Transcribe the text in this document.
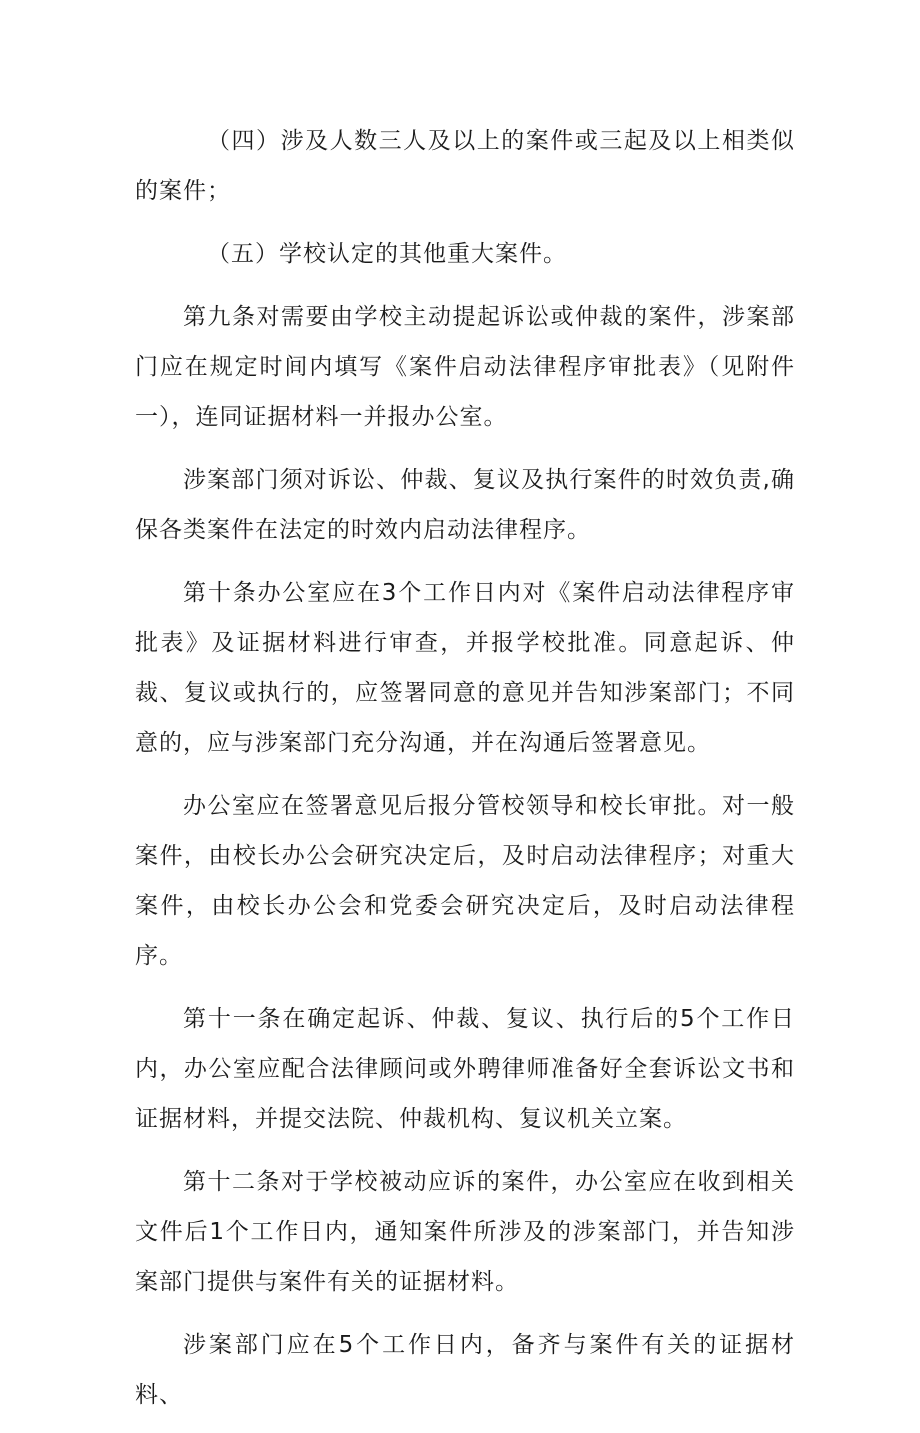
（四）涉及人数三人及以上的案件或三起及以上相类似的案件；

（五）学校认定的其他重大案件。

第九条对需要由学校主动提起诉讼或仲裁的案件，涉案部门应在规定时间内填写《案件启动法律程序审批表》（见附件一），连同证据材料一并报办公室。

涉案部门须对诉讼、仲裁、复议及执行案件的时效负责,确保各类案件在法定的时效内启动法律程序。

第十条办公室应在3个工作日内对《案件启动法律程序审批表》及证据材料进行审查，并报学校批准。同意起诉、仲裁、复议或执行的，应签署同意的意见并告知涉案部门；不同意的，应与涉案部门充分沟通，并在沟通后签署意见。

办公室应在签署意见后报分管校领导和校长审批。对一般案件，由校长办公会研究决定后，及时启动法律程序；对重大案件，由校长办公会和党委会研究决定后，及时启动法律程序。

第十一条在确定起诉、仲裁、复议、执行后的5个工作日内，办公室应配合法律顾问或外聘律师准备好全套诉讼文书和证据材料，并提交法院、仲裁机构、复议机关立案。

第十二条对于学校被动应诉的案件，办公室应在收到相关文件后1个工作日内，通知案件所涉及的涉案部门，并告知涉案部门提供与案件有关的证据材料。

涉案部门应在5个工作日内，备齐与案件有关的证据材料、
